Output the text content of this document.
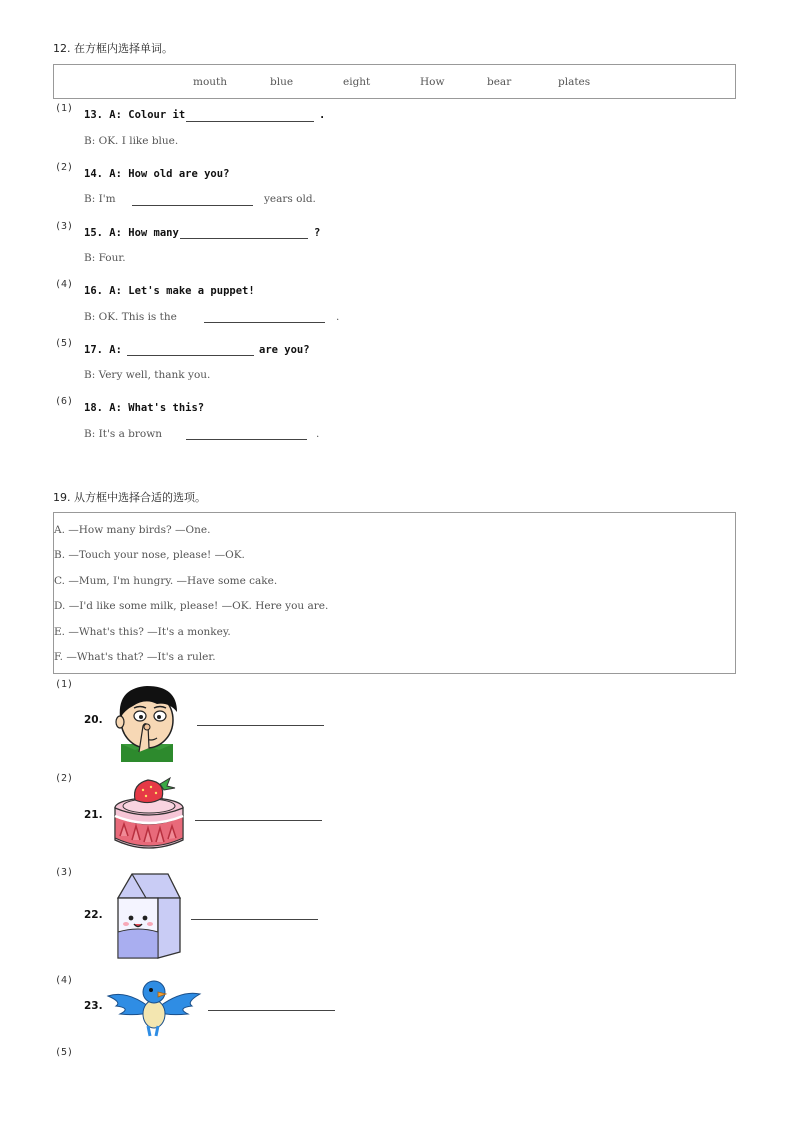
12. 在方框内选择单词。
mouth	blue	eight	How	bear	plates
(1)
13. A: Colour it	.
B: OK. I like blue.
(2)
14. A: How old are you?
B: I'm	years old.
(3)
15. A: How many	?
B: Four.
(4)
16. A: Let's make a puppet!
B: OK. This is the	.
(5)
17. A:	are you?
B: Very well, thank you.
(6)
18. A: What's this?
B: It's a brown	.
19. 从方框中选择合适的选项。
A. —How many birds? —One.
B. —Touch your nose, please! —OK.
C. —Mum, I'm hungry. —Have some cake.
D. —I'd like some milk, please! —OK. Here you are.
E. —What's this? —It's a monkey.
F. —What's that? —It's a ruler.
(1)
20.
(2)
21.
(3)
22.
(4)
23.
(5)
